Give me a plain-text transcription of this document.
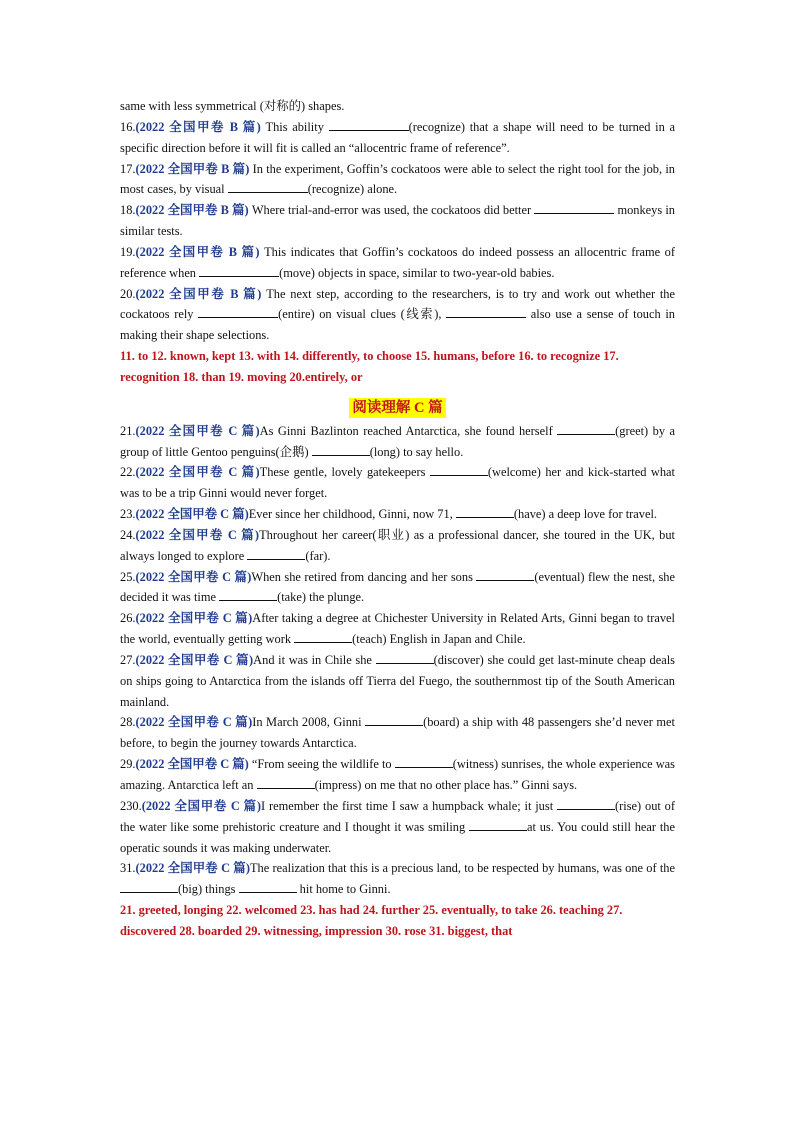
same with less symmetrical (对称的) shapes.

16.(2022 全国甲卷 B 篇) This ability	(recognize) that a shape will need to be turned in a specific direction before it will fit is called an “allocentric frame of reference”.

17.(2022 全国甲卷 B 篇) In the experiment, Goffin’s cockatoos were able to select the right tool for the job, in most cases, by visual	(recognize) alone.

18.(2022 全国甲卷 B 篇) Where trial-and-error was used, the cockatoos did better	monkeys in similar tests.

19.(2022 全国甲卷 B 篇) This indicates that Goffin’s cockatoos do indeed possess an allocentric frame of reference when	(move) objects in space, similar to two-year-old babies.

20.(2022 全国甲卷 B 篇) The next step, according to the researchers, is to try and work out whether the cockatoos rely	(entire) on visual clues (线索),	also use a sense of touch in making their shape selections.

11. to 12. known, kept 13. with 14. differently, to choose 15. humans, before 16. to recognize 17. recognition 18. than 19. moving 20.entirely, or

阅读理解 C 篇

21.(2022 全国甲卷 C 篇)As Ginni Bazlinton reached Antarctica, she found herself	(greet) by a group of little Gentoo penguins(企鹅)	(long) to say hello.

22.(2022 全国甲卷 C 篇)These gentle, lovely gatekeepers	(welcome) her and kick-started what was to be a trip Ginni would never forget.

23.(2022 全国甲卷 C 篇)Ever since her childhood, Ginni, now 71,	(have) a deep love for travel.

24.(2022 全国甲卷 C 篇)Throughout her career(职业) as a professional dancer, she toured in the UK, but always longed to explore	(far).

25.(2022 全国甲卷 C 篇)When she retired from dancing and her sons	(eventual) flew the nest, she decided it was time	(take) the plunge.

26.(2022 全国甲卷 C 篇)After taking a degree at Chichester University in Related Arts, Ginni began to travel the world, eventually getting work	(teach) English in Japan and Chile.

27.(2022 全国甲卷 C 篇)And it was in Chile she	(discover) she could get last-minute cheap deals on ships going to Antarctica from the islands off Tierra del Fuego, the southernmost tip of the South American mainland.

28.(2022 全国甲卷 C 篇)In March 2008, Ginni	(board) a ship with 48 passengers she’d never met before, to begin the journey towards Antarctica.

29.(2022 全国甲卷 C 篇) “From seeing the wildlife to	(witness) sunrises, the whole experience was amazing. Antarctica left an	(impress) on me that no other place has.” Ginni says.

230.(2022 全国甲卷 C 篇)I remember the first time I saw a humpback whale; it just	(rise) out of the water like some prehistoric creature and I thought it was smiling	at us. You could still hear the operatic sounds it was making underwater.

31.(2022 全国甲卷 C 篇)The realization that this is a precious land, to be respected by humans, was one of the (big) things	hit home to Ginni.

21. greeted, longing 22. welcomed 23. has had 24. further 25. eventually, to take 26. teaching 27. discovered 28. boarded 29. witnessing, impression 30. rose 31. biggest, that
